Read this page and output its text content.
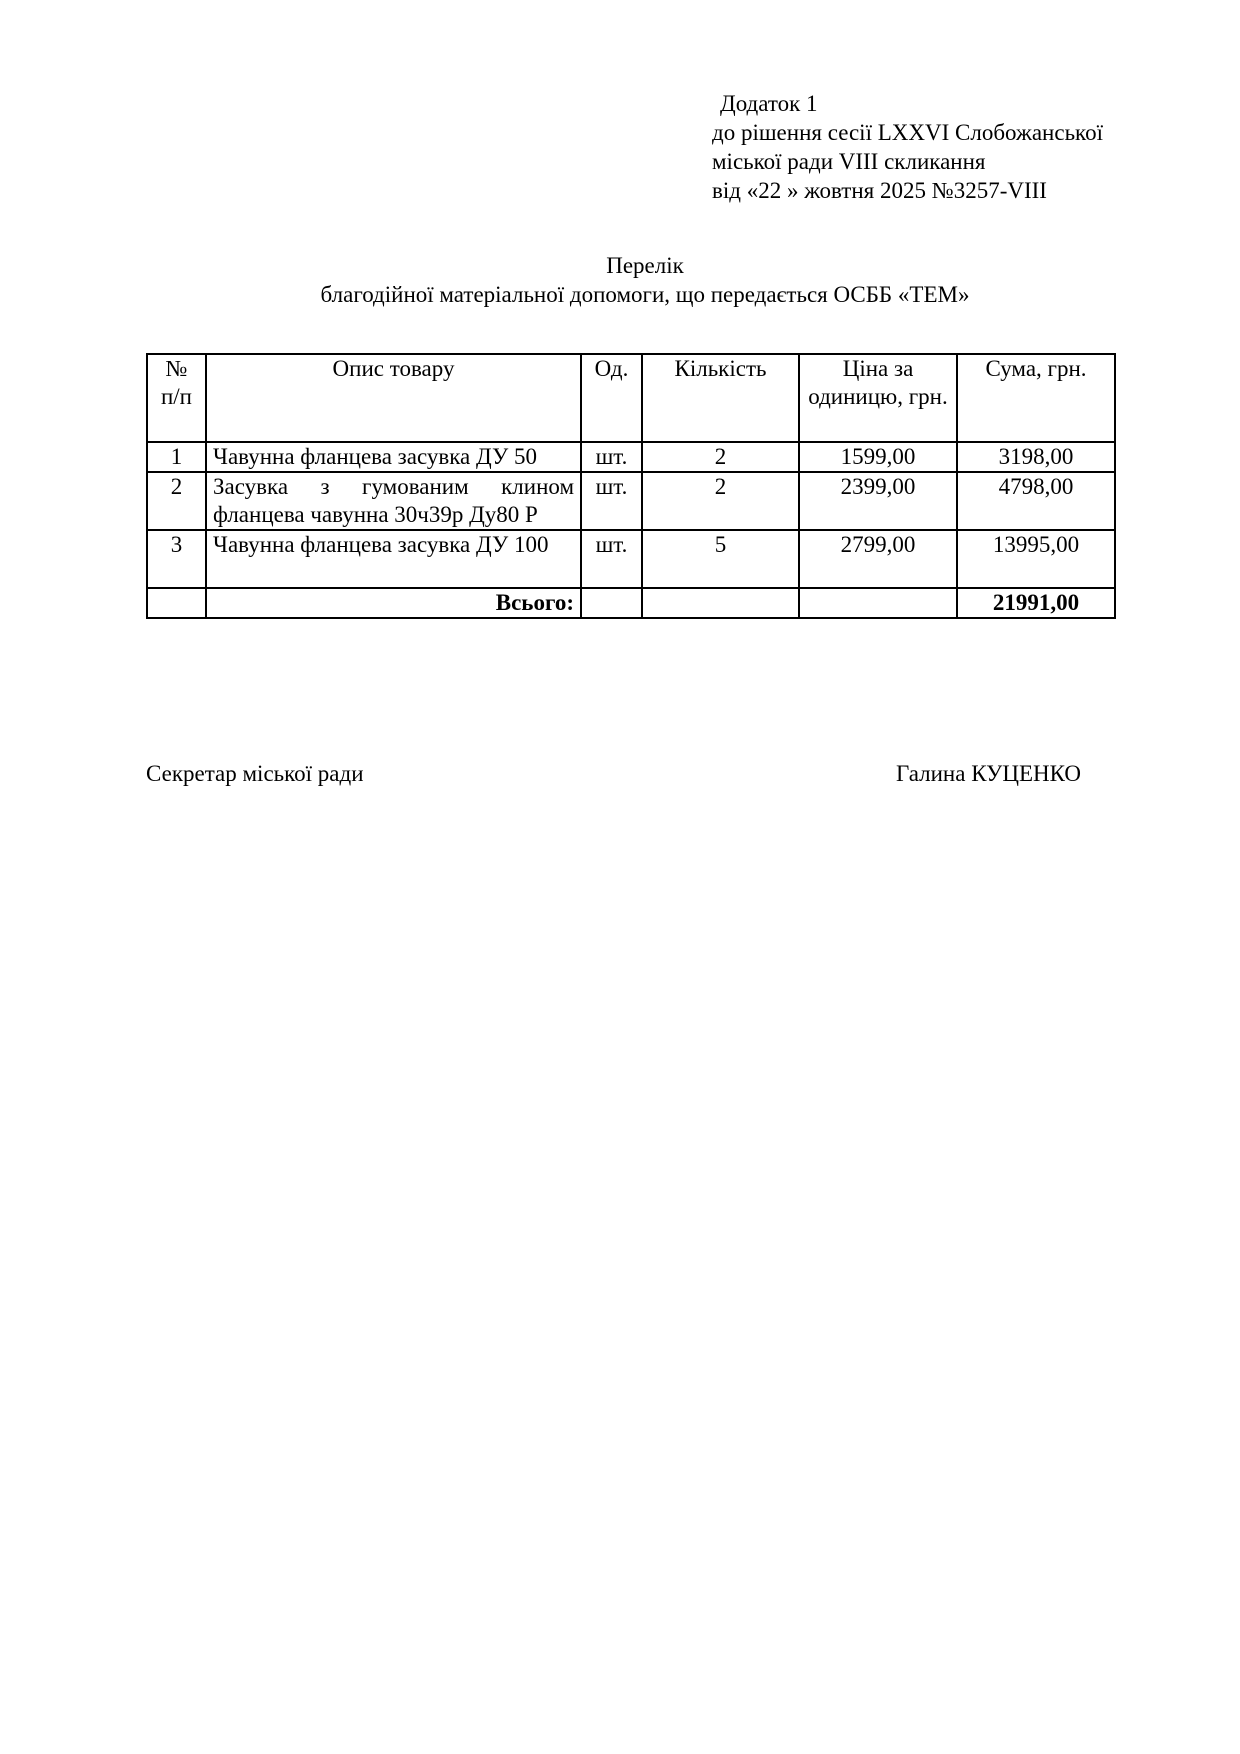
Додаток 1
до рішення сесії LXXVI Слобожанської
міської ради VIII скликання
від «22 » жовтня 2025 №3257-VIII
Перелік
благодійної матеріальної допомоги, що передається ОСББ «ТЕМ»
№ п/п	Опис товару	Од.	Кількість	Ціна за одиницю, грн.	Сума, грн.
1	Чавунна фланцева засувка ДУ 50	шт.	2	1599,00	3198,00
2	Засувка з гумованим клином фланцева чавунна 30ч39р Ду80 Р	шт.	2	2399,00	4798,00
3	Чавунна фланцева засувка ДУ 100	шт.	5	2799,00	13995,00
	Всього:				21991,00
Секретар міської ради	Галина КУЦЕНКО
